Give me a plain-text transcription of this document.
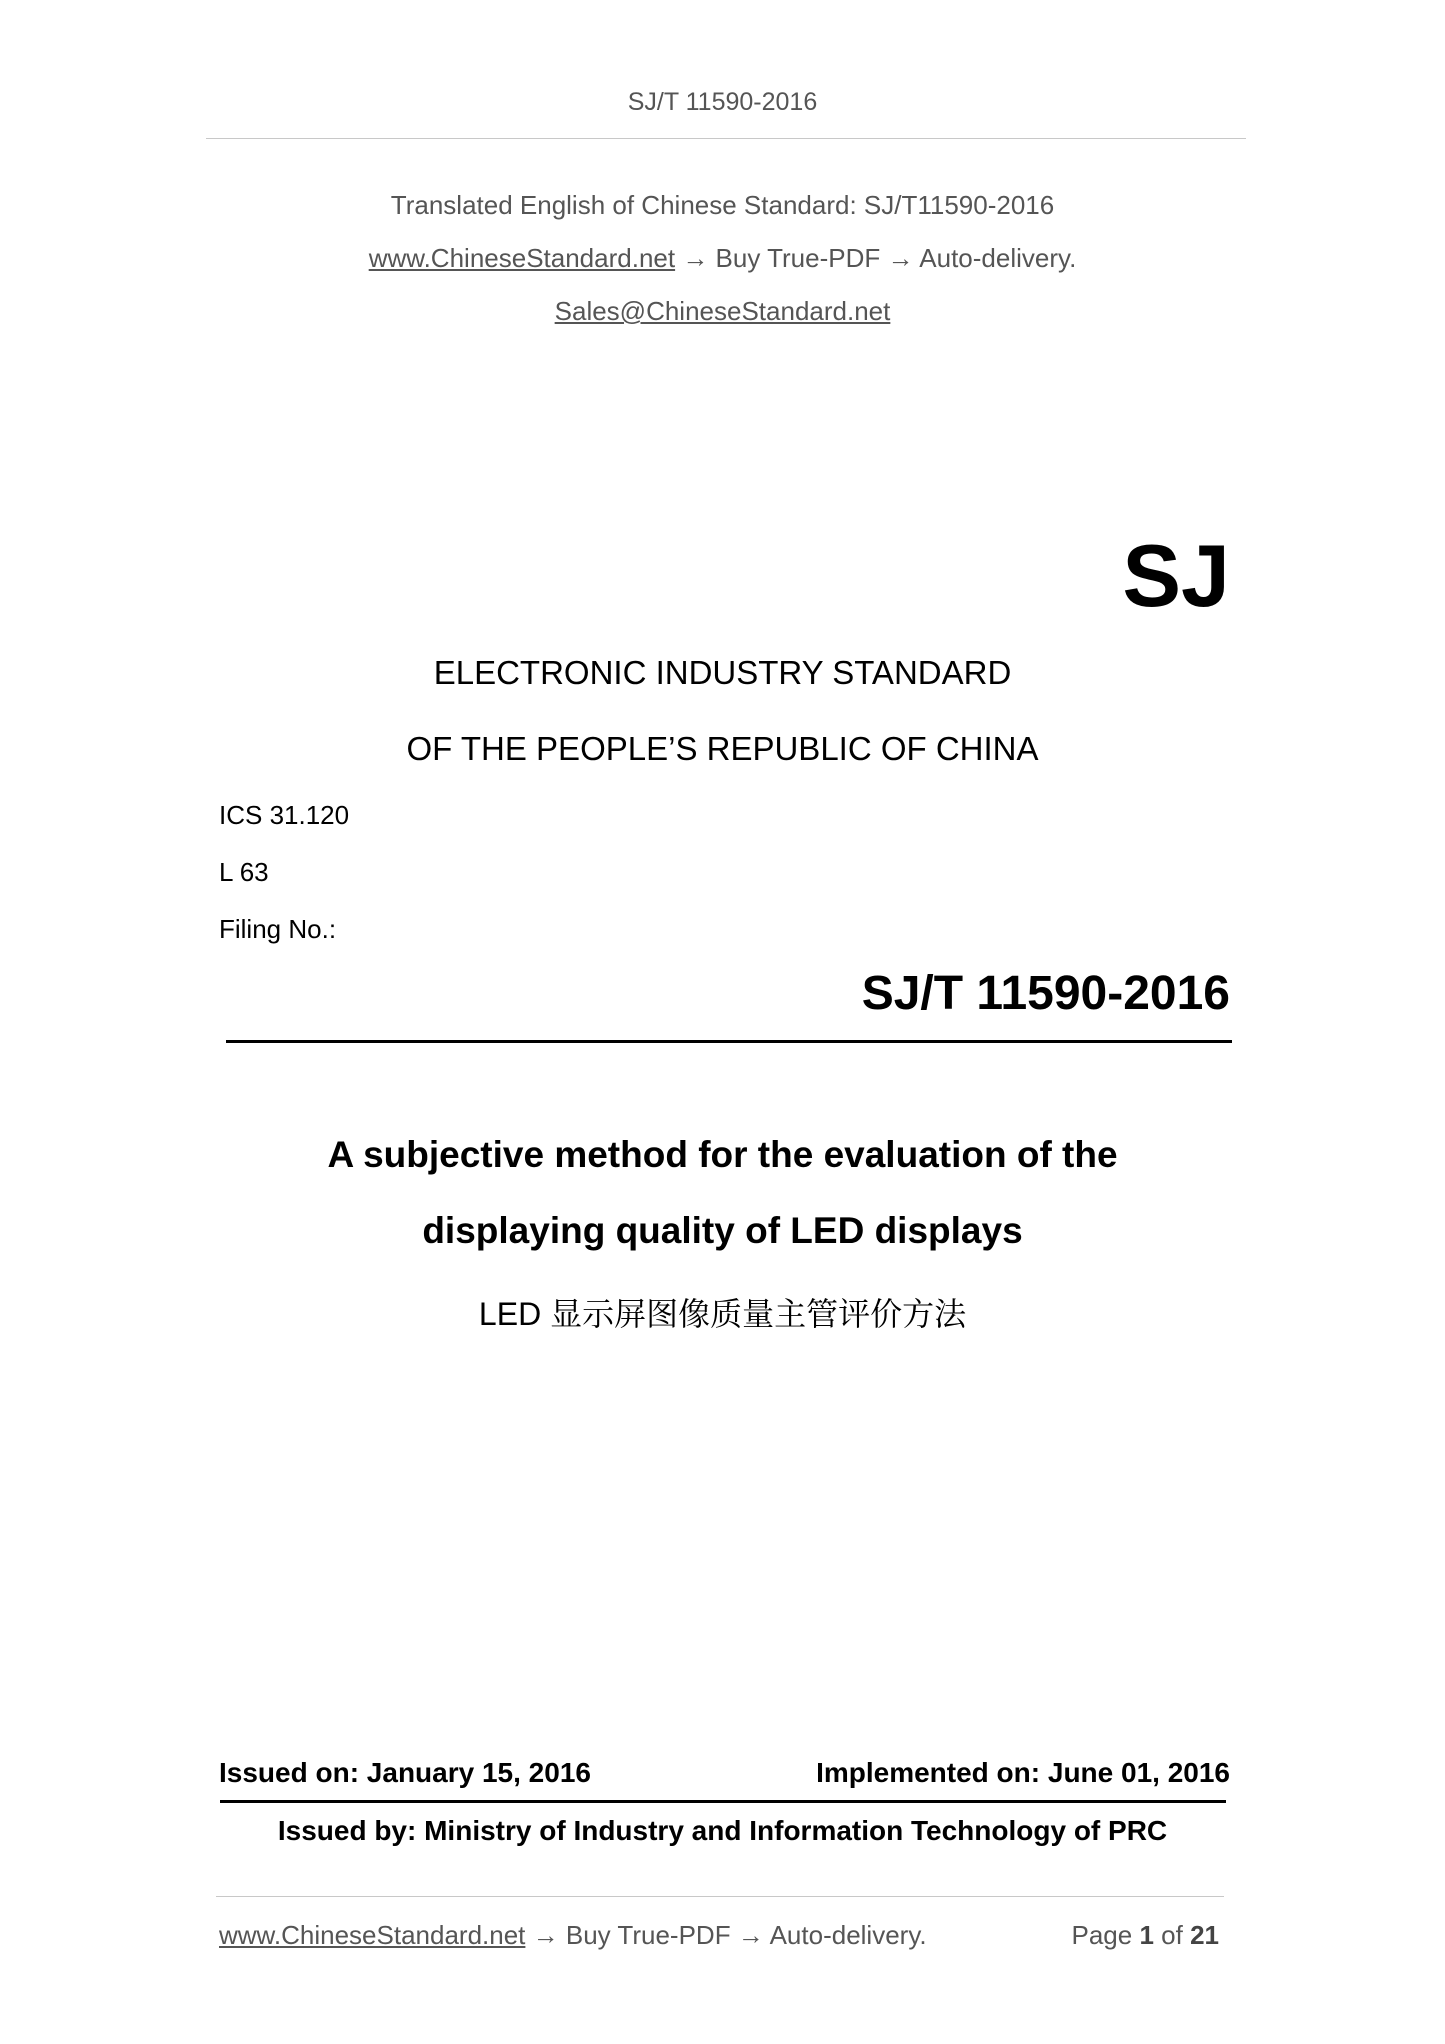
SJ/T 11590-2016
Translated English of Chinese Standard: SJ/T11590-2016
www.ChineseStandard.net → Buy True-PDF → Auto-delivery.
Sales@ChineseStandard.net
SJ
ELECTRONIC INDUSTRY STANDARD
OF THE PEOPLE’S REPUBLIC OF CHINA
ICS 31.120
L 63
Filing No.:
SJ/T 11590-2016
A subjective method for the evaluation of the
displaying quality of LED displays
LED 显示屏图像质量主管评价方法
Issued on: January 15, 2016	Implemented on: June 01, 2016
Issued by: Ministry of Industry and Information Technology of PRC
www.ChineseStandard.net → Buy True-PDF → Auto-delivery.	Page 1 of 21
